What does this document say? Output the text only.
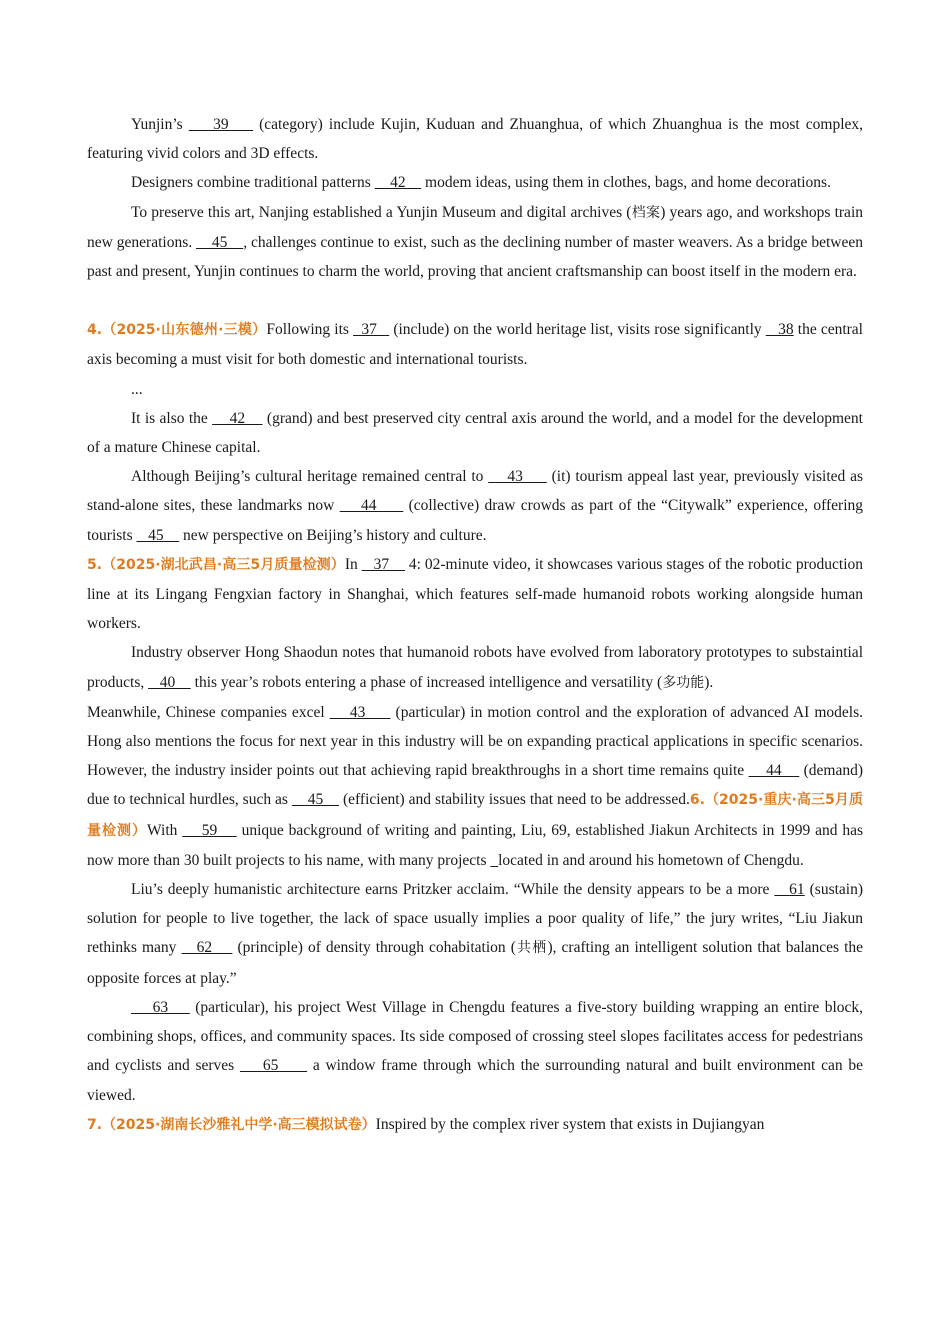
Yunjin’s     39     (category) include Kujin, Kuduan and Zhuanghua, of which Zhuanghua is the most complex, featuring vivid colors and 3D effects.

Designers combine traditional patterns     42     modem ideas, using them in clothes, bags, and home decorations.

To preserve this art, Nanjing established a Yunjin Museum and digital archives (档案) years ago, and workshops train new generations.     45    , challenges continue to exist, such as the declining number of master weavers. As a bridge between past and present, Yunjin continues to charm the world, proving that ancient craftsmanship can boost itself in the modern era.

4.（2025·山东德州·三模）Following its   37    (include) on the world heritage list, visits rose significantly    38 the central axis becoming a must visit for both domestic and international tourists.

...

It is also the     42     (grand) and best preserved city central axis around the world, and a model for the development of a mature Chinese capital.

Although Beijing’s cultural heritage remained central to     43      (it) tourism appeal last year, previously visited as stand-alone sites, these landmarks now     44      (collective) draw crowds as part of the “Citywalk” experience, offering tourists    45     new perspective on Beijing’s history and culture.

5.（2025·湖北武昌·高三5月质量检测）In    37     4: 02-minute video, it showcases various stages of the robotic production line at its Lingang Fengxian factory in Shanghai, which features self-made humanoid robots working alongside human workers.

Industry observer Hong Shaodun notes that humanoid robots have evolved from laboratory prototypes to substaintial products,    40     this year’s robots entering a phase of increased intelligence and versatility (多功能).

Meanwhile, Chinese companies excel     43      (particular) in motion control and the exploration of advanced AI models. Hong also mentions the focus for next year in this industry will be on expanding practical applications in specific scenarios. However, the industry insider points out that achieving rapid breakthroughs in a short time remains quite     44     (demand) due to technical hurdles, such as     45     (efficient) and stability issues that need to be addressed.6.（2025·重庆·高三5月质量检测）With     59     unique background of writing and painting, Liu, 69, established Jiakun Architects in 1999 and has now more than 30 built projects to his name, with many projects   located in and around his hometown of Chengdu.

Liu’s deeply humanistic architecture earns Pritzker acclaim. “While the density appears to be a more    61 (sustain) solution for people to live together, the lack of space usually implies a poor quality of life,” the jury writes, “Liu Jiakun rethinks many    62     (principle) of density through cohabitation (共栖), crafting an intelligent solution that balances the opposite forces at play.”

63     (particular), his project West Village in Chengdu features a five-story building wrapping an entire block, combining shops, offices, and community spaces. Its side composed of crossing steel slopes facilitates access for pedestrians and cyclists and serves     65      a window frame through which the surrounding natural and built environment can be viewed.

7.（2025·湖南长沙雅礼中学·高三模拟试卷）Inspired by the complex river system that exists in Dujiangyan
